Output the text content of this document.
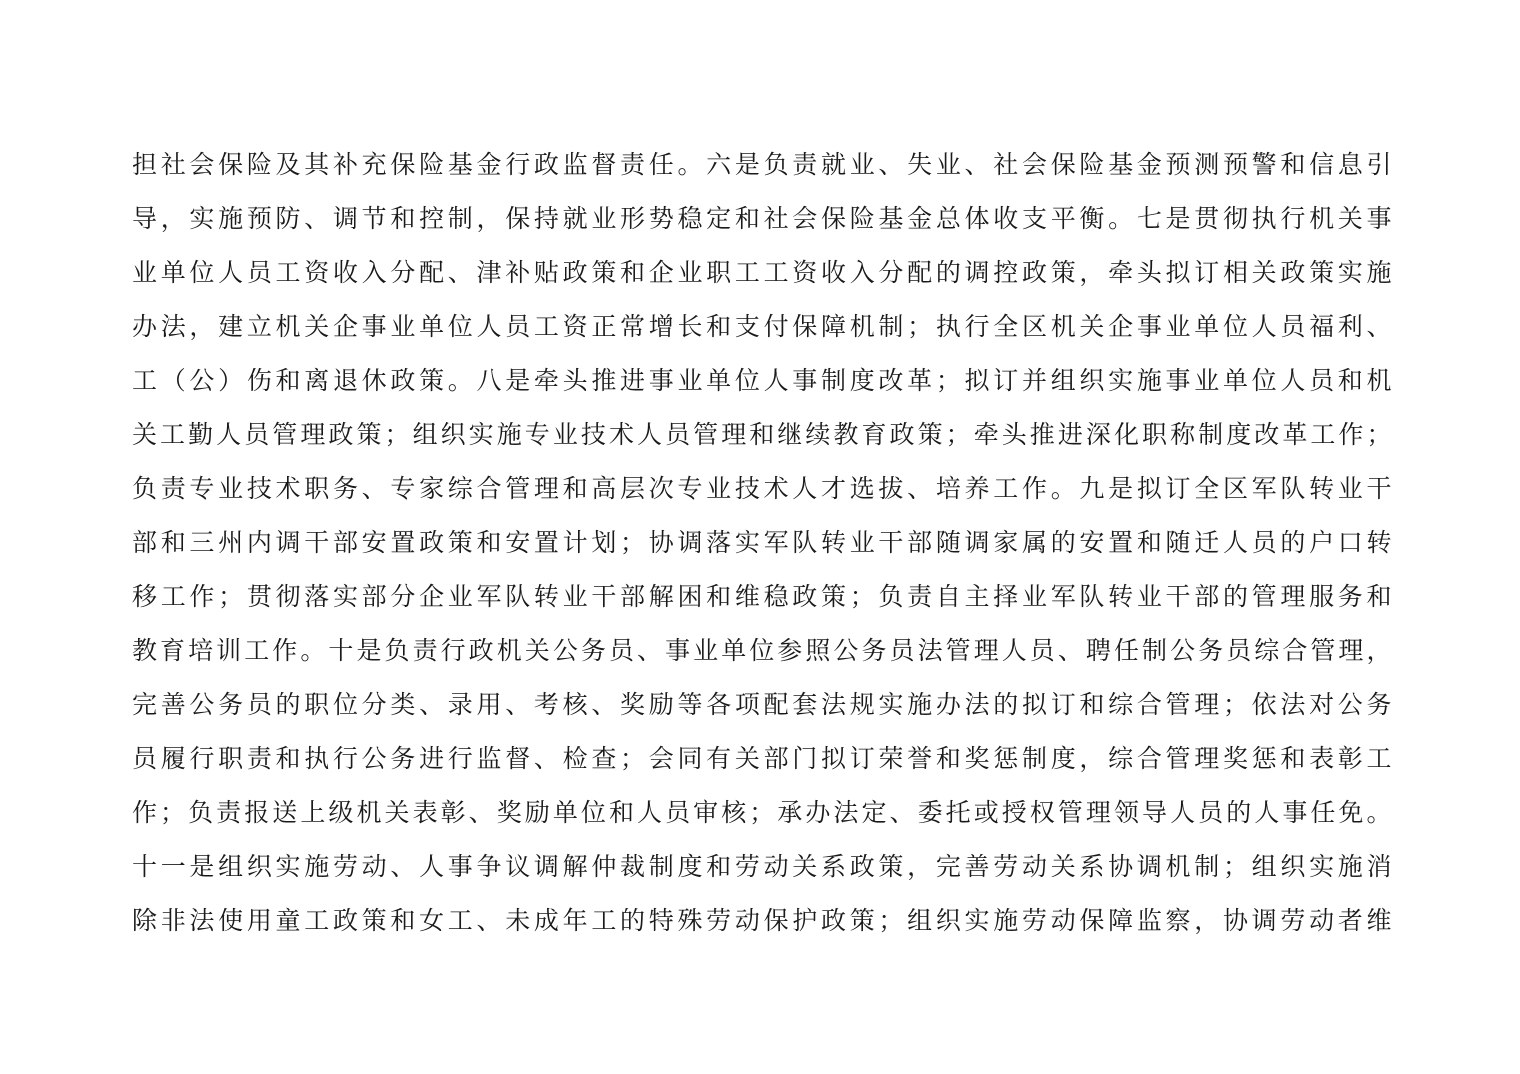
担社会保险及其补充保险基金行政监督责任。六是负责就业、失业、社会保险基金预测预警和信息引
导，实施预防、调节和控制，保持就业形势稳定和社会保险基金总体收支平衡。七是贯彻执行机关事
业单位人员工资收入分配、津补贴政策和企业职工工资收入分配的调控政策，牵头拟订相关政策实施
办法，建立机关企事业单位人员工资正常增长和支付保障机制；执行全区机关企事业单位人员福利、
工（公）伤和离退休政策。八是牵头推进事业单位人事制度改革；拟订并组织实施事业单位人员和机
关工勤人员管理政策；组织实施专业技术人员管理和继续教育政策；牵头推进深化职称制度改革工作；
负责专业技术职务、专家综合管理和高层次专业技术人才选拔、培养工作。九是拟订全区军队转业干
部和三州内调干部安置政策和安置计划；协调落实军队转业干部随调家属的安置和随迁人员的户口转
移工作；贯彻落实部分企业军队转业干部解困和维稳政策；负责自主择业军队转业干部的管理服务和
教育培训工作。十是负责行政机关公务员、事业单位参照公务员法管理人员、聘任制公务员综合管理，
完善公务员的职位分类、录用、考核、奖励等各项配套法规实施办法的拟订和综合管理；依法对公务
员履行职责和执行公务进行监督、检查；会同有关部门拟订荣誉和奖惩制度，综合管理奖惩和表彰工
作；负责报送上级机关表彰、奖励单位和人员审核；承办法定、委托或授权管理领导人员的人事任免。
十一是组织实施劳动、人事争议调解仲裁制度和劳动关系政策，完善劳动关系协调机制；组织实施消
除非法使用童工政策和女工、未成年工的特殊劳动保护政策；组织实施劳动保障监察，协调劳动者维
